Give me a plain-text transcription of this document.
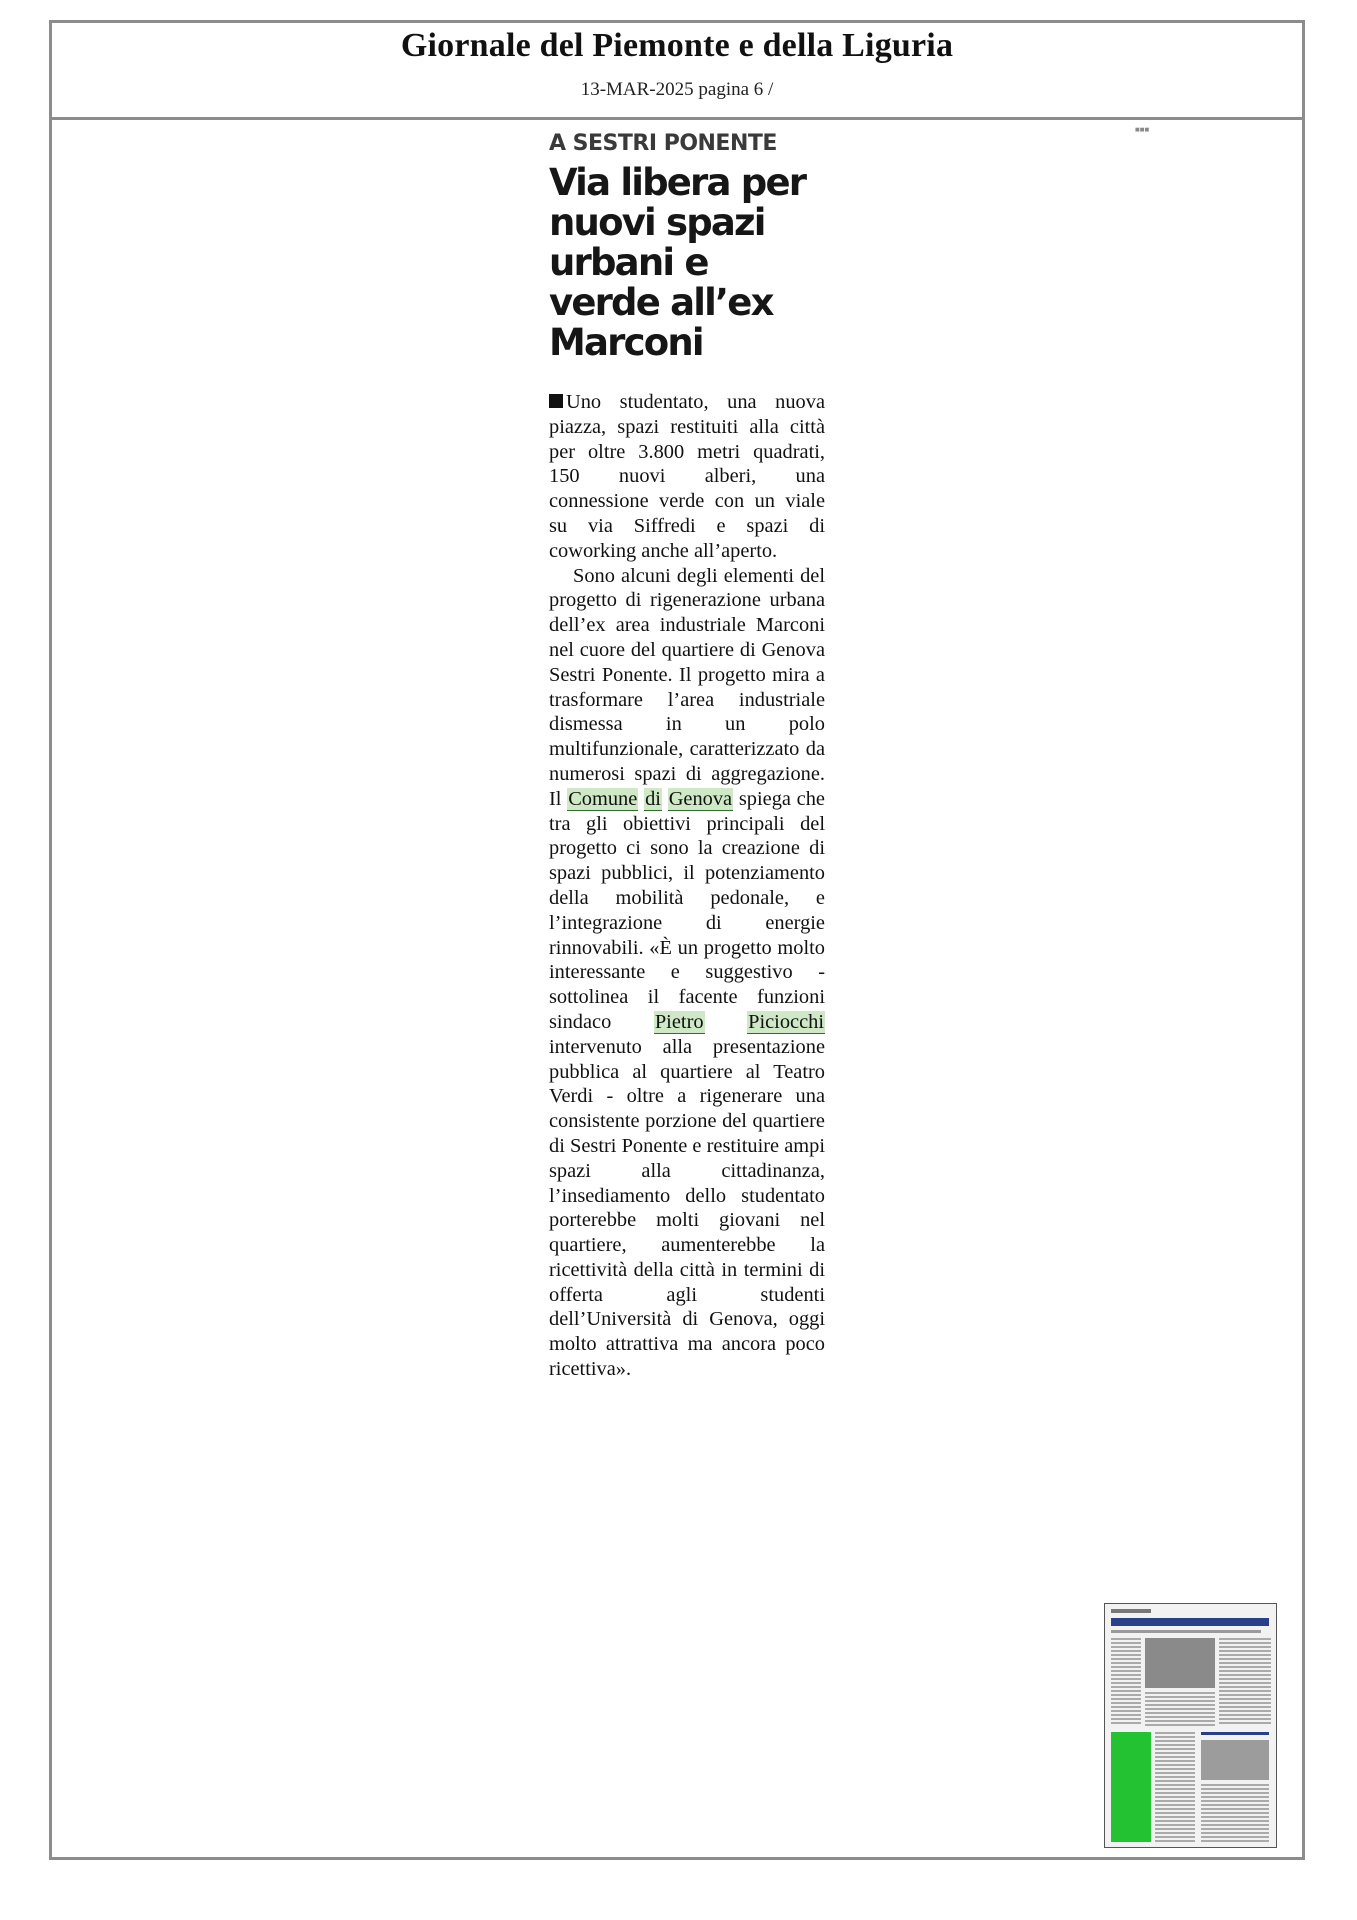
Giornale del Piemonte e della Liguria
13-MAR-2025 pagina 6 /
■■■
A SESTRI PONENTE
Via libera per nuovi spazi urbani e verde all’ex Marconi

Uno studentato, una nuova piazza, spazi restituiti alla città per oltre 3.800 metri quadrati, 150 nuovi alberi, una connessione verde con un viale su via Siffredi e spazi di coworking anche all’aperto.

Sono alcuni degli elementi del progetto di rigenerazione urbana dell’ex area industriale Marconi nel cuore del quartiere di Genova Sestri Ponente. Il progetto mira a trasformare l’area industriale dismessa in un polo multifunzionale, caratterizzato da numerosi spazi di aggregazione. Il Comune di Genova spiega che tra gli obiettivi principali del progetto ci sono la creazione di spazi pubblici, il potenziamento della mobilità pedonale, e l’integrazione di energie rinnovabili. «È un progetto molto interessante e suggestivo - sottolinea il facente funzioni sindaco Pietro Piciocchi intervenuto alla presentazione pubblica al quartiere al Teatro Verdi - oltre a rigenerare una consistente porzione del quartiere di Sestri Ponente e restituire ampi spazi alla cittadinanza, l’insediamento dello studentato porterebbe molti giovani nel quartiere, aumenterebbe la ricettività della città in termini di offerta agli studenti dell’Università di Genova, oggi molto attrattiva ma ancora poco ricettiva».
